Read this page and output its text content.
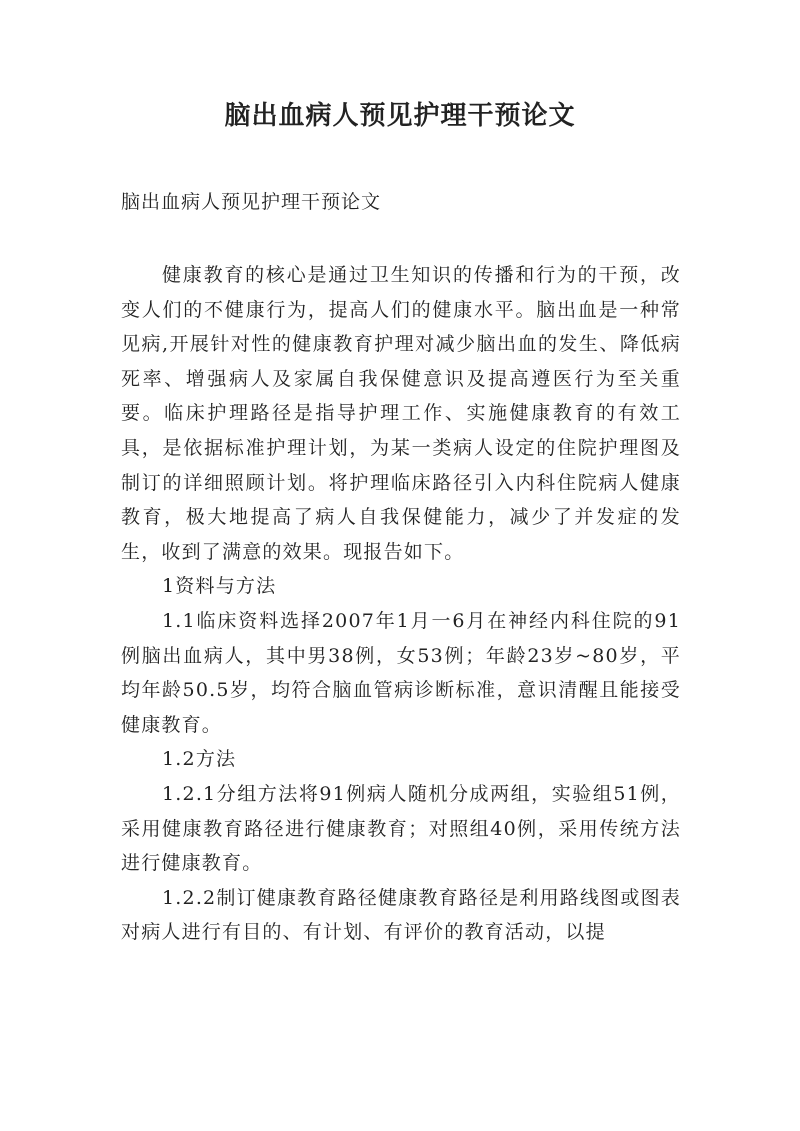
脑出血病人预见护理干预论文

脑出血病人预见护理干预论文

健康教育的核心是通过卫生知识的传播和行为的干预，改变人们的不健康行为，提高人们的健康水平。脑出血是一种常见病,开展针对性的健康教育护理对减少脑出血的发生、降低病死率、增强病人及家属自我保健意识及提高遵医行为至关重要。临床护理路径是指导护理工作、实施健康教育的有效工具，是依据标准护理计划，为某一类病人设定的住院护理图及制订的详细照顾计划。将护理临床路径引入内科住院病人健康教育，极大地提高了病人自我保健能力，减少了并发症的发生，收到了满意的效果。现报告如下。

1资料与方法

1.1临床资料选择2007年1月一6月在神经内科住院的91例脑出血病人，其中男38例，女53例；年龄23岁~80岁，平均年龄50.5岁，均符合脑血管病诊断标准，意识清醒且能接受健康教育。

1.2方法

1.2.1分组方法将91例病人随机分成两组，实验组51例，采用健康教育路径进行健康教育；对照组40例，采用传统方法进行健康教育。

1.2.2制订健康教育路径健康教育路径是利用路线图或图表对病人进行有目的、有计划、有评价的教育活动，以提
